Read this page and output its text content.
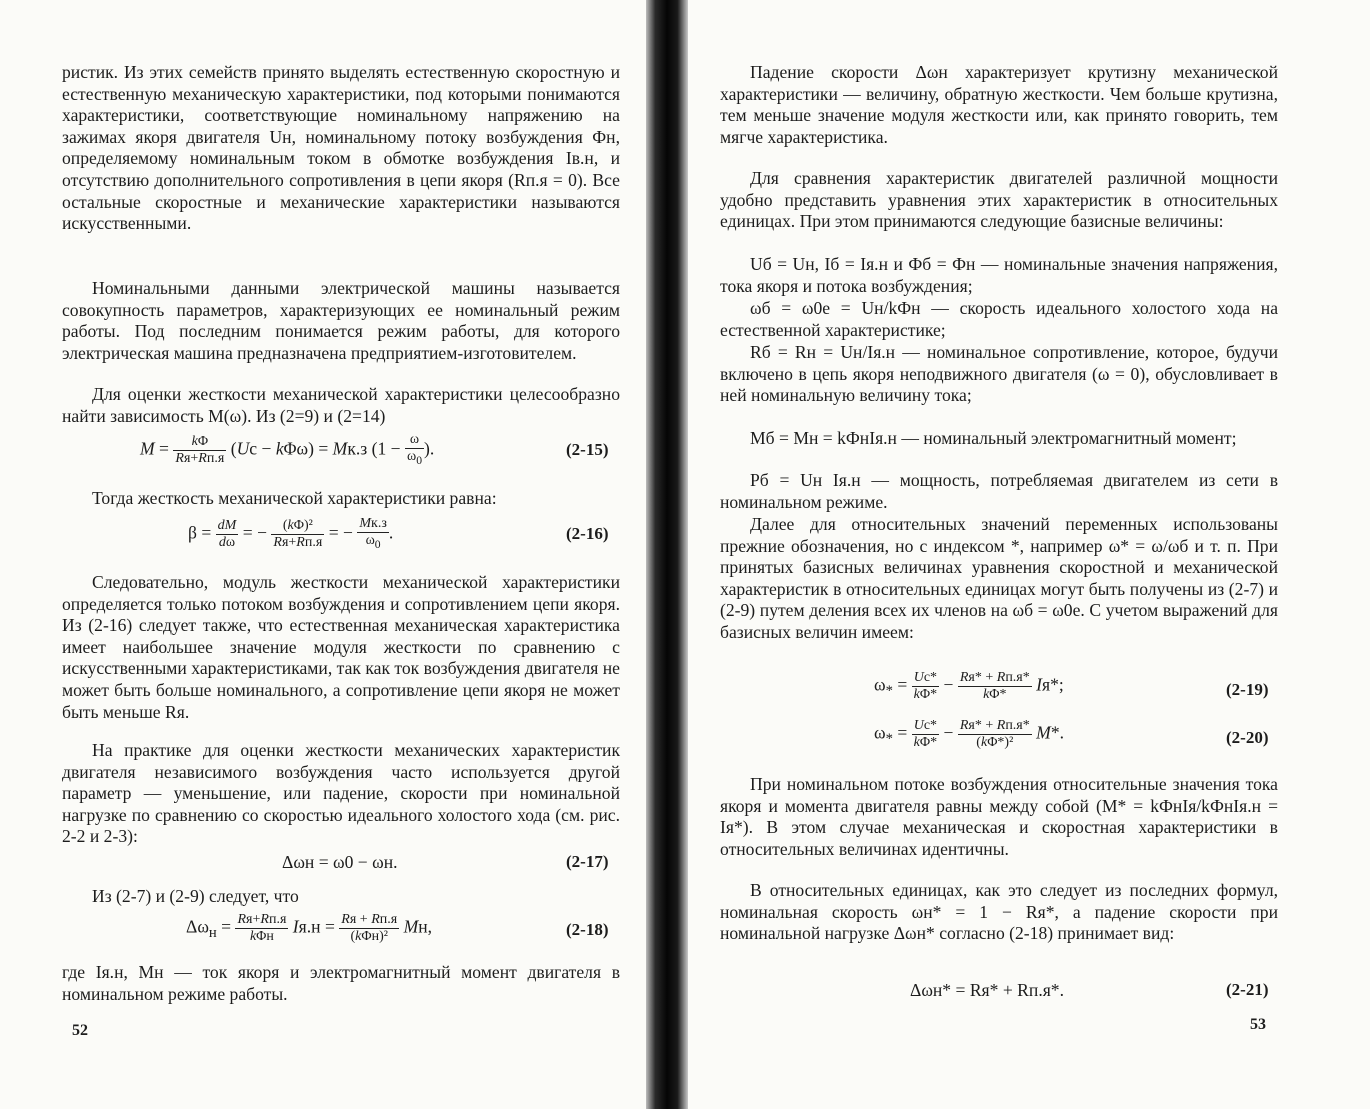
ристик. Из этих семейств принято выделять естественную скоростную и естественную механическую характеристики, под которыми понимаются характеристики, соответствующие номинальному напряжению на зажимах якоря двигателя Uн, номинальному потоку возбуждения Фн, определяемому номинальным током в обмотке возбуждения Iв.н, и отсутствию дополнительного сопротивления в цепи якоря (Rп.я = 0). Все остальные скоростные и механические характеристики называются искусственными.
Номинальными данными электрической машины называется совокупность параметров, характеризующих ее номинальный режим работы. Под последним понимается режим работы, для которого электрическая машина предназначена предприятием-изготовителем.
Для оценки жесткости механической характеристики целесообразно найти зависимость M(ω). Из (2=9) и (2=14)
M =	kΦ
Rя+Rп.я (Uс − kΦω) = Mк.з ($1 - \frac{\omega}{\omega_0}$ ).	(2-15)
Тогда жесткость механической характеристики равна:
$\beta = \frac{dM}{d\omega}$ = − (kΦ)²
Rя+Rп.я = − Mк.з
$\omega_0$
.	(2-16)
Следовательно, модуль жесткости механической характеристики определяется только потоком возбуждения и сопротивлением цепи якоря. Из (2-16) следует также, что естественная механическая характеристика имеет наибольшее значение модуля жесткости по сравнению с искусственными характеристиками, так как ток возбуждения двигателя не может быть больше номинального, а сопротивление цепи якоря не может быть меньше Rя.
На практике для оценки жесткости механических характеристик двигателя независимого возбуждения часто используется другой параметр — уменьшение, или падение, скорости при номинальной нагрузке по сравнению со скоростью идеального холостого хода (см. рис. 2-2 и 2-3):
Δωн = ω0 − ωн.	(2-17)
Из (2-7) и (2-9) следует, что
$\Delta\omega_н = Rя+Rп.я$
kΦн	Iя.н = Rя + Rп.я
(kΦн)² Mн,	(2-18)
где Iя.н, Mн — ток якоря и электромагнитный момент двигателя в номинальном режиме работы.
52
Падение скорости Δωн характеризует крутизну механической характеристики — величину, обратную жесткости. Чем больше крутизна, тем меньше значение модуля жесткости или, как принято говорить, тем мягче характеристика.
Для сравнения характеристик двигателей различной мощности удобно представить уравнения этих характеристик в относительных единицах. При этом принимаются следующие базисные величины:
Uб = Uн, Iб = Iя.н и Фб = Фн — номинальные значения напряжения, тока якоря и потока возбуждения;
ωб = ω0е = Uн/kФн — скорость идеального холостого хода на естественной характеристике;
Rб = Rн = Uн/Iя.н — номинальное сопротивление, которое, будучи включено в цепь якоря неподвижного двигателя (ω = 0), обусловливает в ней номинальную величину тока;
Mб = Mн = kФнIя.н — номинальный электромагнитный момент;
Pб = Uн Iя.н — мощность, потребляемая двигателем из сети в номинальном режиме.
Далее для относительных значений переменных использованы прежние обозначения, но с индексом *, например ω* = ω/ωб и т. п. При принятых базисных величинах уравнения скоростной и механической характеристик в относительных единицах могут быть получены из (2-7) и (2-9) путем деления всех их членов на ωб = ω0е. С учетом выражений для базисных величин имеем:
$\omega_* = \frac{Uc*}{k\Phi*} - Rя* + Rп.я*$
kΦ*	Iя*;	(2-19)
$\omega_* = \frac{Uc*}{k\Phi*} - Rя* + Rп.я*$
(kΦ*)²	M*.	(2-20)
При номинальном потоке возбуждения относительные значения тока якоря и момента двигателя равны между собой (M* = kФнIя/kФнIя.н = Iя*). В этом случае механическая и скоростная характеристики в относительных величинах идентичны.
В относительных единицах, как это следует из последних формул, номинальная скорость ωн* = 1 − Rя*, а падение скорости при номинальной нагрузке Δωн* согласно (2-18) принимает вид:
Δωн* = Rя* + Rп.я*.	(2-21)
53
